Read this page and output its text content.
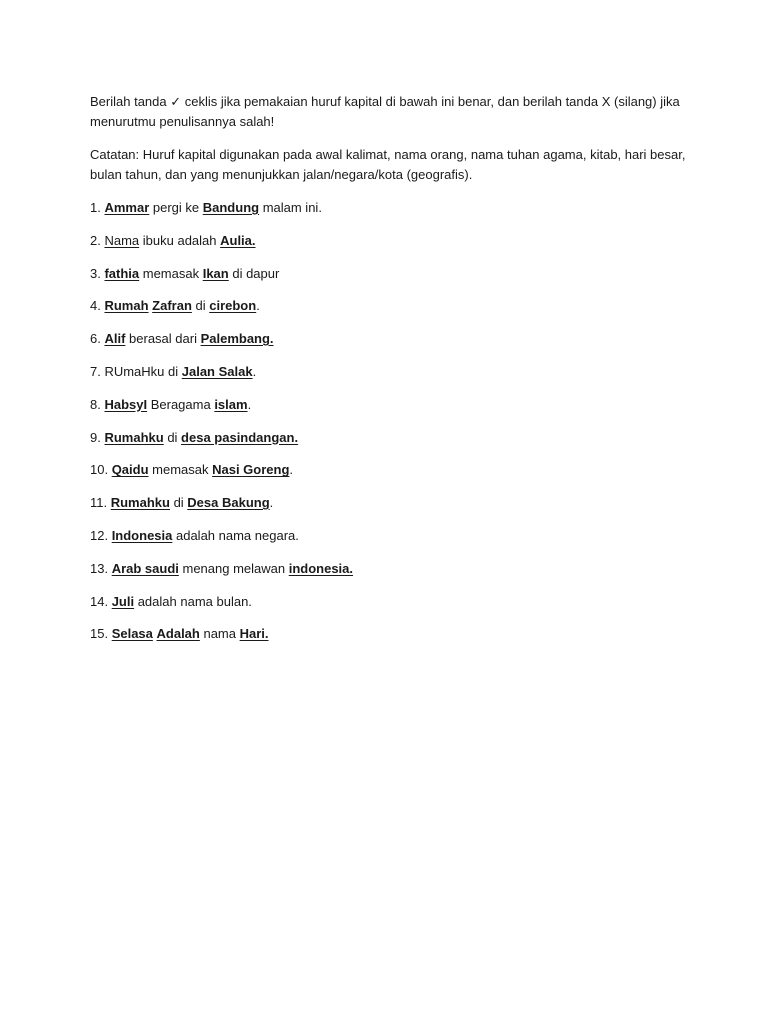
Berilah tanda ✓ ceklis jika pemakaian huruf kapital di bawah ini benar, dan berilah tanda X (silang) jika menurutmu penulisannya salah!

Catatan: Huruf kapital digunakan pada awal kalimat, nama orang, nama tuhan agama, kitab, hari besar, bulan tahun, dan yang menunjukkan jalan/negara/kota (geografis).

1. Ammar pergi ke Bandung malam ini.
2. Nama ibuku adalah Aulia.
3. fathia memasak Ikan di dapur
4. Rumah Zafran di cirebon.
6. Alif berasal dari Palembang.
7. RUmaHku di Jalan Salak.
8. HabsyI Beragama islam.
9. Rumahku di desa pasindangan.
10. Qaidu memasak Nasi Goreng.
11. Rumahku di Desa Bakung.
12. Indonesia adalah nama negara.
13. Arab saudi menang melawan indonesia.
14. Juli adalah nama bulan.
15. Selasa Adalah nama Hari.
